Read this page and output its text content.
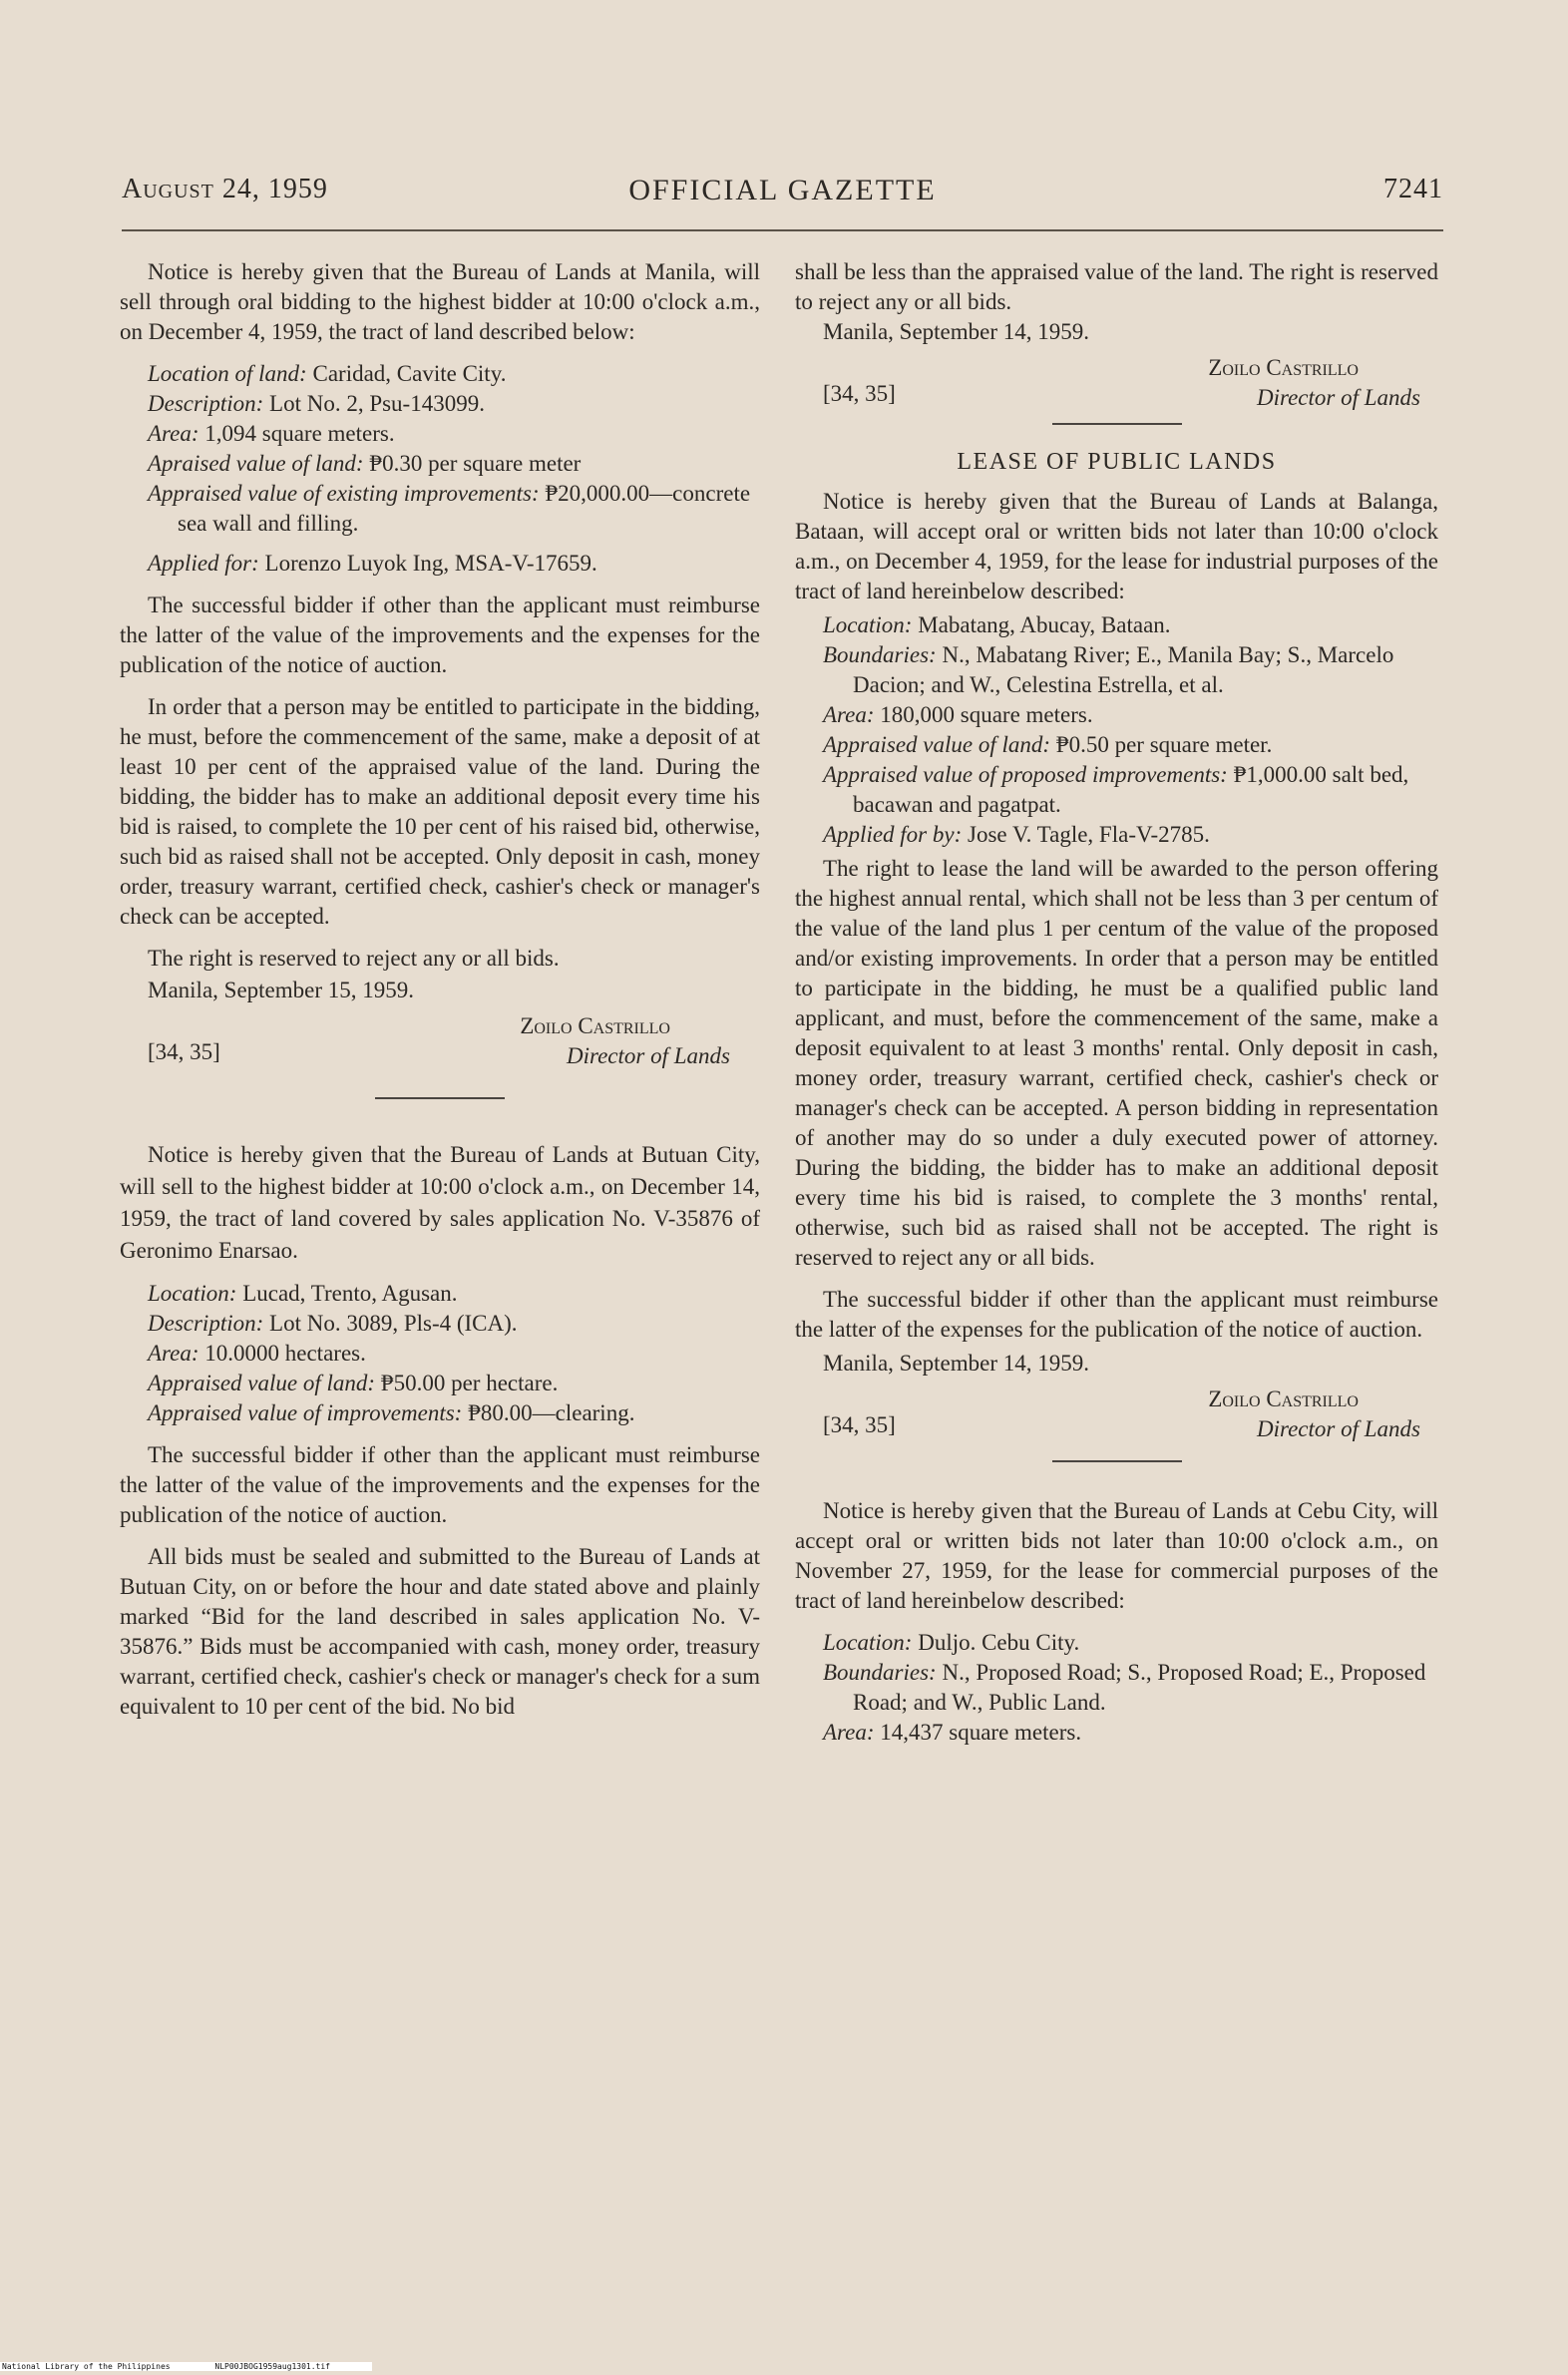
August 24, 1959	OFFICIAL GAZETTE	7241

Notice is hereby given that the Bureau of Lands at Manila, will sell through oral bidding to the highest bidder at 10:00 o'clock a.m., on December 4, 1959, the tract of land described below:

Location of land: Caridad, Cavite City.
Description: Lot No. 2, Psu-143099.
Area: 1,094 square meters.
Apraised value of land: ₱0.30 per square meter
Appraised value of existing improvements: ₱20,000.00—concrete sea wall and filling.
Applied for: Lorenzo Luyok Ing, MSA-V-17659.

The successful bidder if other than the applicant must reimburse the latter of the value of the improvements and the expenses for the publication of the notice of auction.

In order that a person may be entitled to participate in the bidding, he must, before the commencement of the same, make a deposit of at least 10 per cent of the appraised value of the land. During the bidding, the bidder has to make an additional deposit every time his bid is raised, to complete the 10 per cent of his raised bid, otherwise, such bid as raised shall not be accepted. Only deposit in cash, money order, treasury warrant, certified check, cashier's check or manager's check can be accepted.

The right is reserved to reject any or all bids.

Manila, September 15, 1959.
Zoilo Castrillo
Director of Lands
[34, 35]

Notice is hereby given that the Bureau of Lands at Butuan City, will sell to the highest bidder at 10:00 o'clock a.m., on December 14, 1959, the tract of land covered by sales application No. V-35876 of Geronimo Enarsao.

Location: Lucad, Trento, Agusan.
Description: Lot No. 3089, Pls-4 (ICA).
Area: 10.0000 hectares.
Appraised value of land: ₱50.00 per hectare.
Appraised value of improvements: ₱80.00—clearing.

The successful bidder if other than the applicant must reimburse the latter of the value of the improvements and the expenses for the publication of the notice of auction.

All bids must be sealed and submitted to the Bureau of Lands at Butuan City, on or before the hour and date stated above and plainly marked “Bid for the land described in sales application No. V-35876.” Bids must be accompanied with cash, money order, treasury warrant, certified check, cashier's check or manager's check for a sum equivalent to 10 per cent of the bid. No bid

shall be less than the appraised value of the land. The right is reserved to reject any or all bids.

Manila, September 14, 1959.
Zoilo Castrillo
Director of Lands
[34, 35]
LEASE OF PUBLIC LANDS

Notice is hereby given that the Bureau of Lands at Balanga, Bataan, will accept oral or written bids not later than 10:00 o'clock a.m., on December 4, 1959, for the lease for industrial purposes of the tract of land hereinbelow described:

Location: Mabatang, Abucay, Bataan.
Boundaries: N., Mabatang River; E., Manila Bay; S., Marcelo Dacion; and W., Celestina Estrella, et al.
Area: 180,000 square meters.
Appraised value of land: ₱0.50 per square meter.
Appraised value of proposed improvements: ₱1,000.00 salt bed, bacawan and pagatpat.
Applied for by: Jose V. Tagle, Fla-V-2785.

The right to lease the land will be awarded to the person offering the highest annual rental, which shall not be less than 3 per centum of the value of the land plus 1 per centum of the value of the proposed and/or existing improvements. In order that a person may be entitled to participate in the bidding, he must be a qualified public land applicant, and must, before the commencement of the same, make a deposit equivalent to at least 3 months' rental. Only deposit in cash, money order, treasury warrant, certified check, cashier's check or manager's check can be accepted. A person bidding in representation of another may do so under a duly executed power of attorney. During the bidding, the bidder has to make an additional deposit every time his bid is raised, to complete the 3 months' rental, otherwise, such bid as raised shall not be accepted. The right is reserved to reject any or all bids.

The successful bidder if other than the applicant must reimburse the latter of the expenses for the publication of the notice of auction.

Manila, September 14, 1959.
Zoilo Castrillo
Director of Lands
[34, 35]

Notice is hereby given that the Bureau of Lands at Cebu City, will accept oral or written bids not later than 10:00 o'clock a.m., on November 27, 1959, for the lease for commercial purposes of the tract of land hereinbelow described:

Location: Duljo. Cebu City.
Boundaries: N., Proposed Road; S., Proposed Road; E., Proposed Road; and W., Public Land.
Area: 14,437 square meters.
National Library of the Philippines	NLP00JBOG1959aug1301.tif
